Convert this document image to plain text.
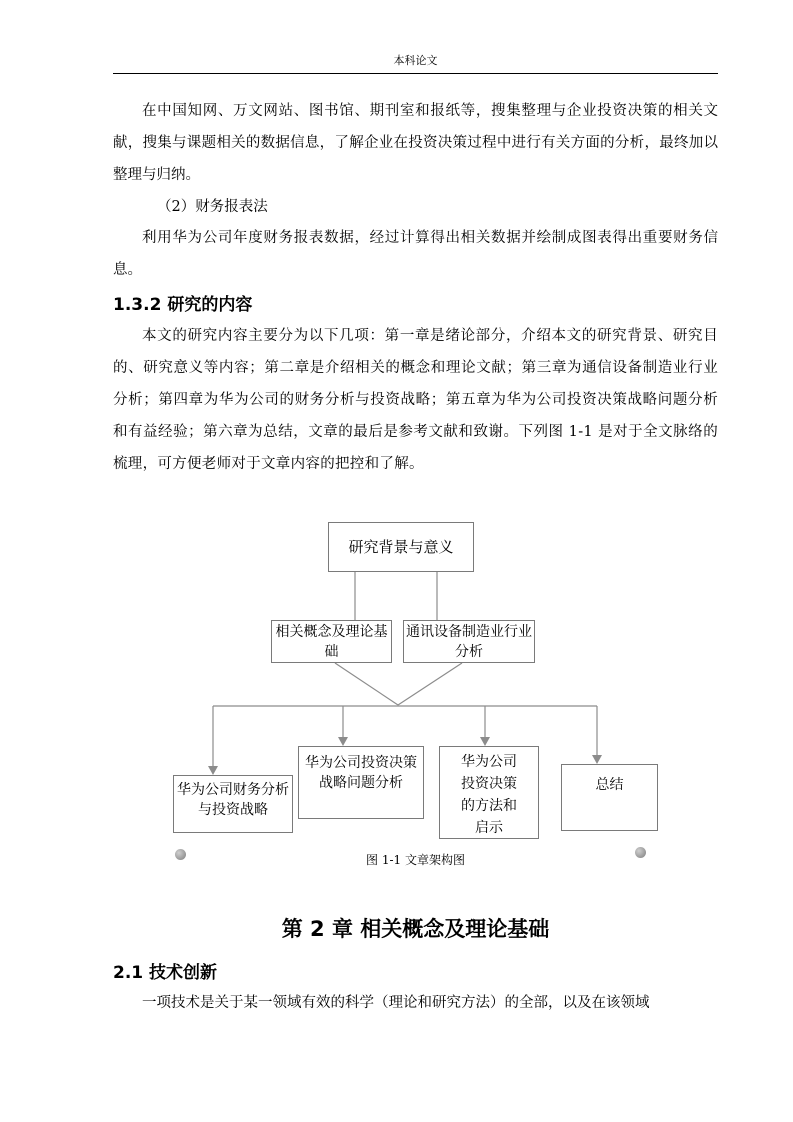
本科论文

在中国知网、万文网站、图书馆、期刊室和报纸等，搜集整理与企业投资决策的相关文献，搜集与课题相关的数据信息，了解企业在投资决策过程中进行有关方面的分析，最终加以整理与归纳。

（2）财务报表法

利用华为公司年度财务报表数据，经过计算得出相关数据并绘制成图表得出重要财务信息。

1.3.2 研究的内容

本文的研究内容主要分为以下几项：第一章是绪论部分，介绍本文的研究背景、研究目的、研究意义等内容；第二章是介绍相关的概念和理论文献；第三章为通信设备制造业行业分析；第四章为华为公司的财务分析与投资战略；第五章为华为公司投资决策战略问题分析和有益经验；第六章为总结，文章的最后是参考文献和致谢。下列图 1-1 是对于全文脉络的梳理，可方便老师对于文章内容的把控和了解。

研究背景与意义
相关概念及理论基础
通讯设备制造业行业分析
华为公司财务分析与投资战略
华为公司投资决策战略问题分析
华为公司投资决策的方法和启示
总结
图 1-1 文章架构图
第 2 章 相关概念及理论基础
2.1 技术创新

一项技术是关于某一领域有效的科学（理论和研究方法）的全部，以及在该领域
